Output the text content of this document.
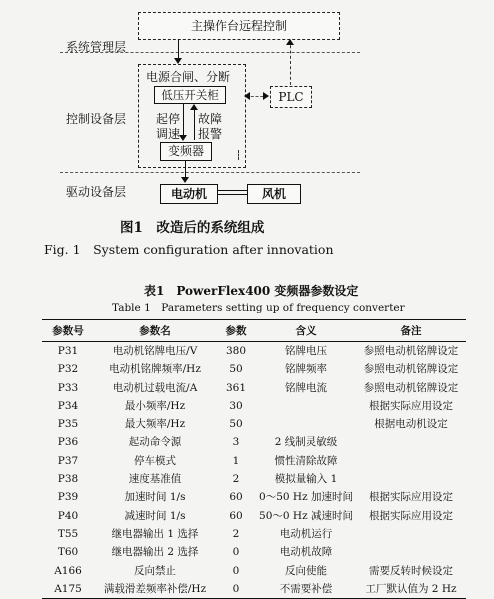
主操作台远程控制
系统管理层
控制设备层
驱动设备层
电源合闸、分断
低压开关柜	PLC
起停
调速
故障
报警
变频器
电动机	风机
图1　改造后的系统组成
Fig. 1　System configuration after innovation
表1　PowerFlex400 变频器参数设定
Table 1　Parameters setting up of frequency converter
参数号	参数名	参数	含义	备注
P31	电动机铭牌电压/V	380	铭牌电压	参照电动机铭牌设定
P32	电动机铭牌频率/Hz	50	铭牌频率	参照电动机铭牌设定
P33	电动机过载电流/A	361	铭牌电流	参照电动机铭牌设定
P34	最小频率/Hz	30		根据实际应用设定
P35	最大频率/Hz	50		根据电动机设定
P36	起动命令源	3	2 线制灵敏级	
P37	停车模式	1	惯性清除故障	
P38	速度基准值	2	模拟量输入 1	
P39	加速时间 1/s	60	0～50 Hz 加速时间	根据实际应用设定
P40	减速时间 1/s	60	50～0 Hz 减速时间	根据实际应用设定
T55	继电器输出 1 选择	2	电动机运行	
T60	继电器输出 2 选择	0	电动机故障	
A166	反向禁止	0	反向使能	需要反转时候设定
A175	满载滑差频率补偿/Hz	0	不需要补偿	工厂默认值为 2 Hz
